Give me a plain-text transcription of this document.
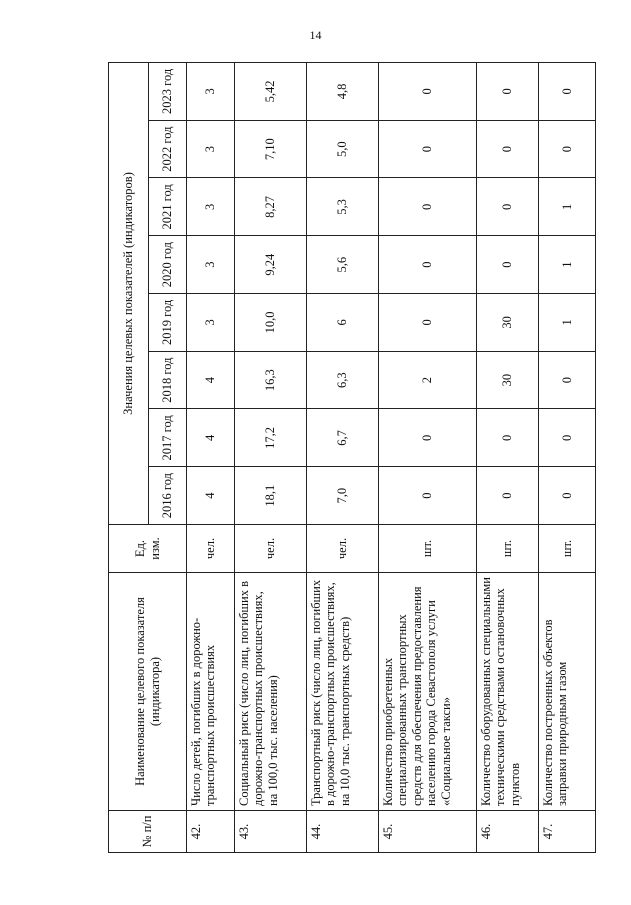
14
№ п/п	Наименование целевого показателя (индикатора)	Ед. изм.	Значения целевых показателей (индикаторов)							
			2016 год	2017 год	2018 год	2019 год	2020 год	2021 год	2022 год	2023 год
42.	Число детей, погибших в дорожно-транспортных происшествиях	чел.	4	4	4	3	3	3	3	3
43.	Социальный риск (число лиц, погибших в дорожно-транспортных происшествиях, на 100,0 тыс. населения)	чел.	18,1	17,2	16,3	10,0	9,24	8,27	7,10	5,42
44.	Транспортный риск (число лиц, погибших в дорожно-транспортных происшествиях, на 10,0 тыс. транспортных средств)	чел.	7,0	6,7	6,3	6	5,6	5,3	5,0	4,8
45.	Количество приобретенных специализированных транспортных средств для обеспечения предоставления населению города Севастополя услуги «Социальное такси»	шт.	0	0	2	0	0	0	0	0
46.	Количество оборудованных специальными техническими средствами остановочных пунктов	шт.	0	0	30	30	0	0	0	0
47.	Количество построенных объектов заправки природным газом	шт.	0	0	0	1	1	1	0	0
